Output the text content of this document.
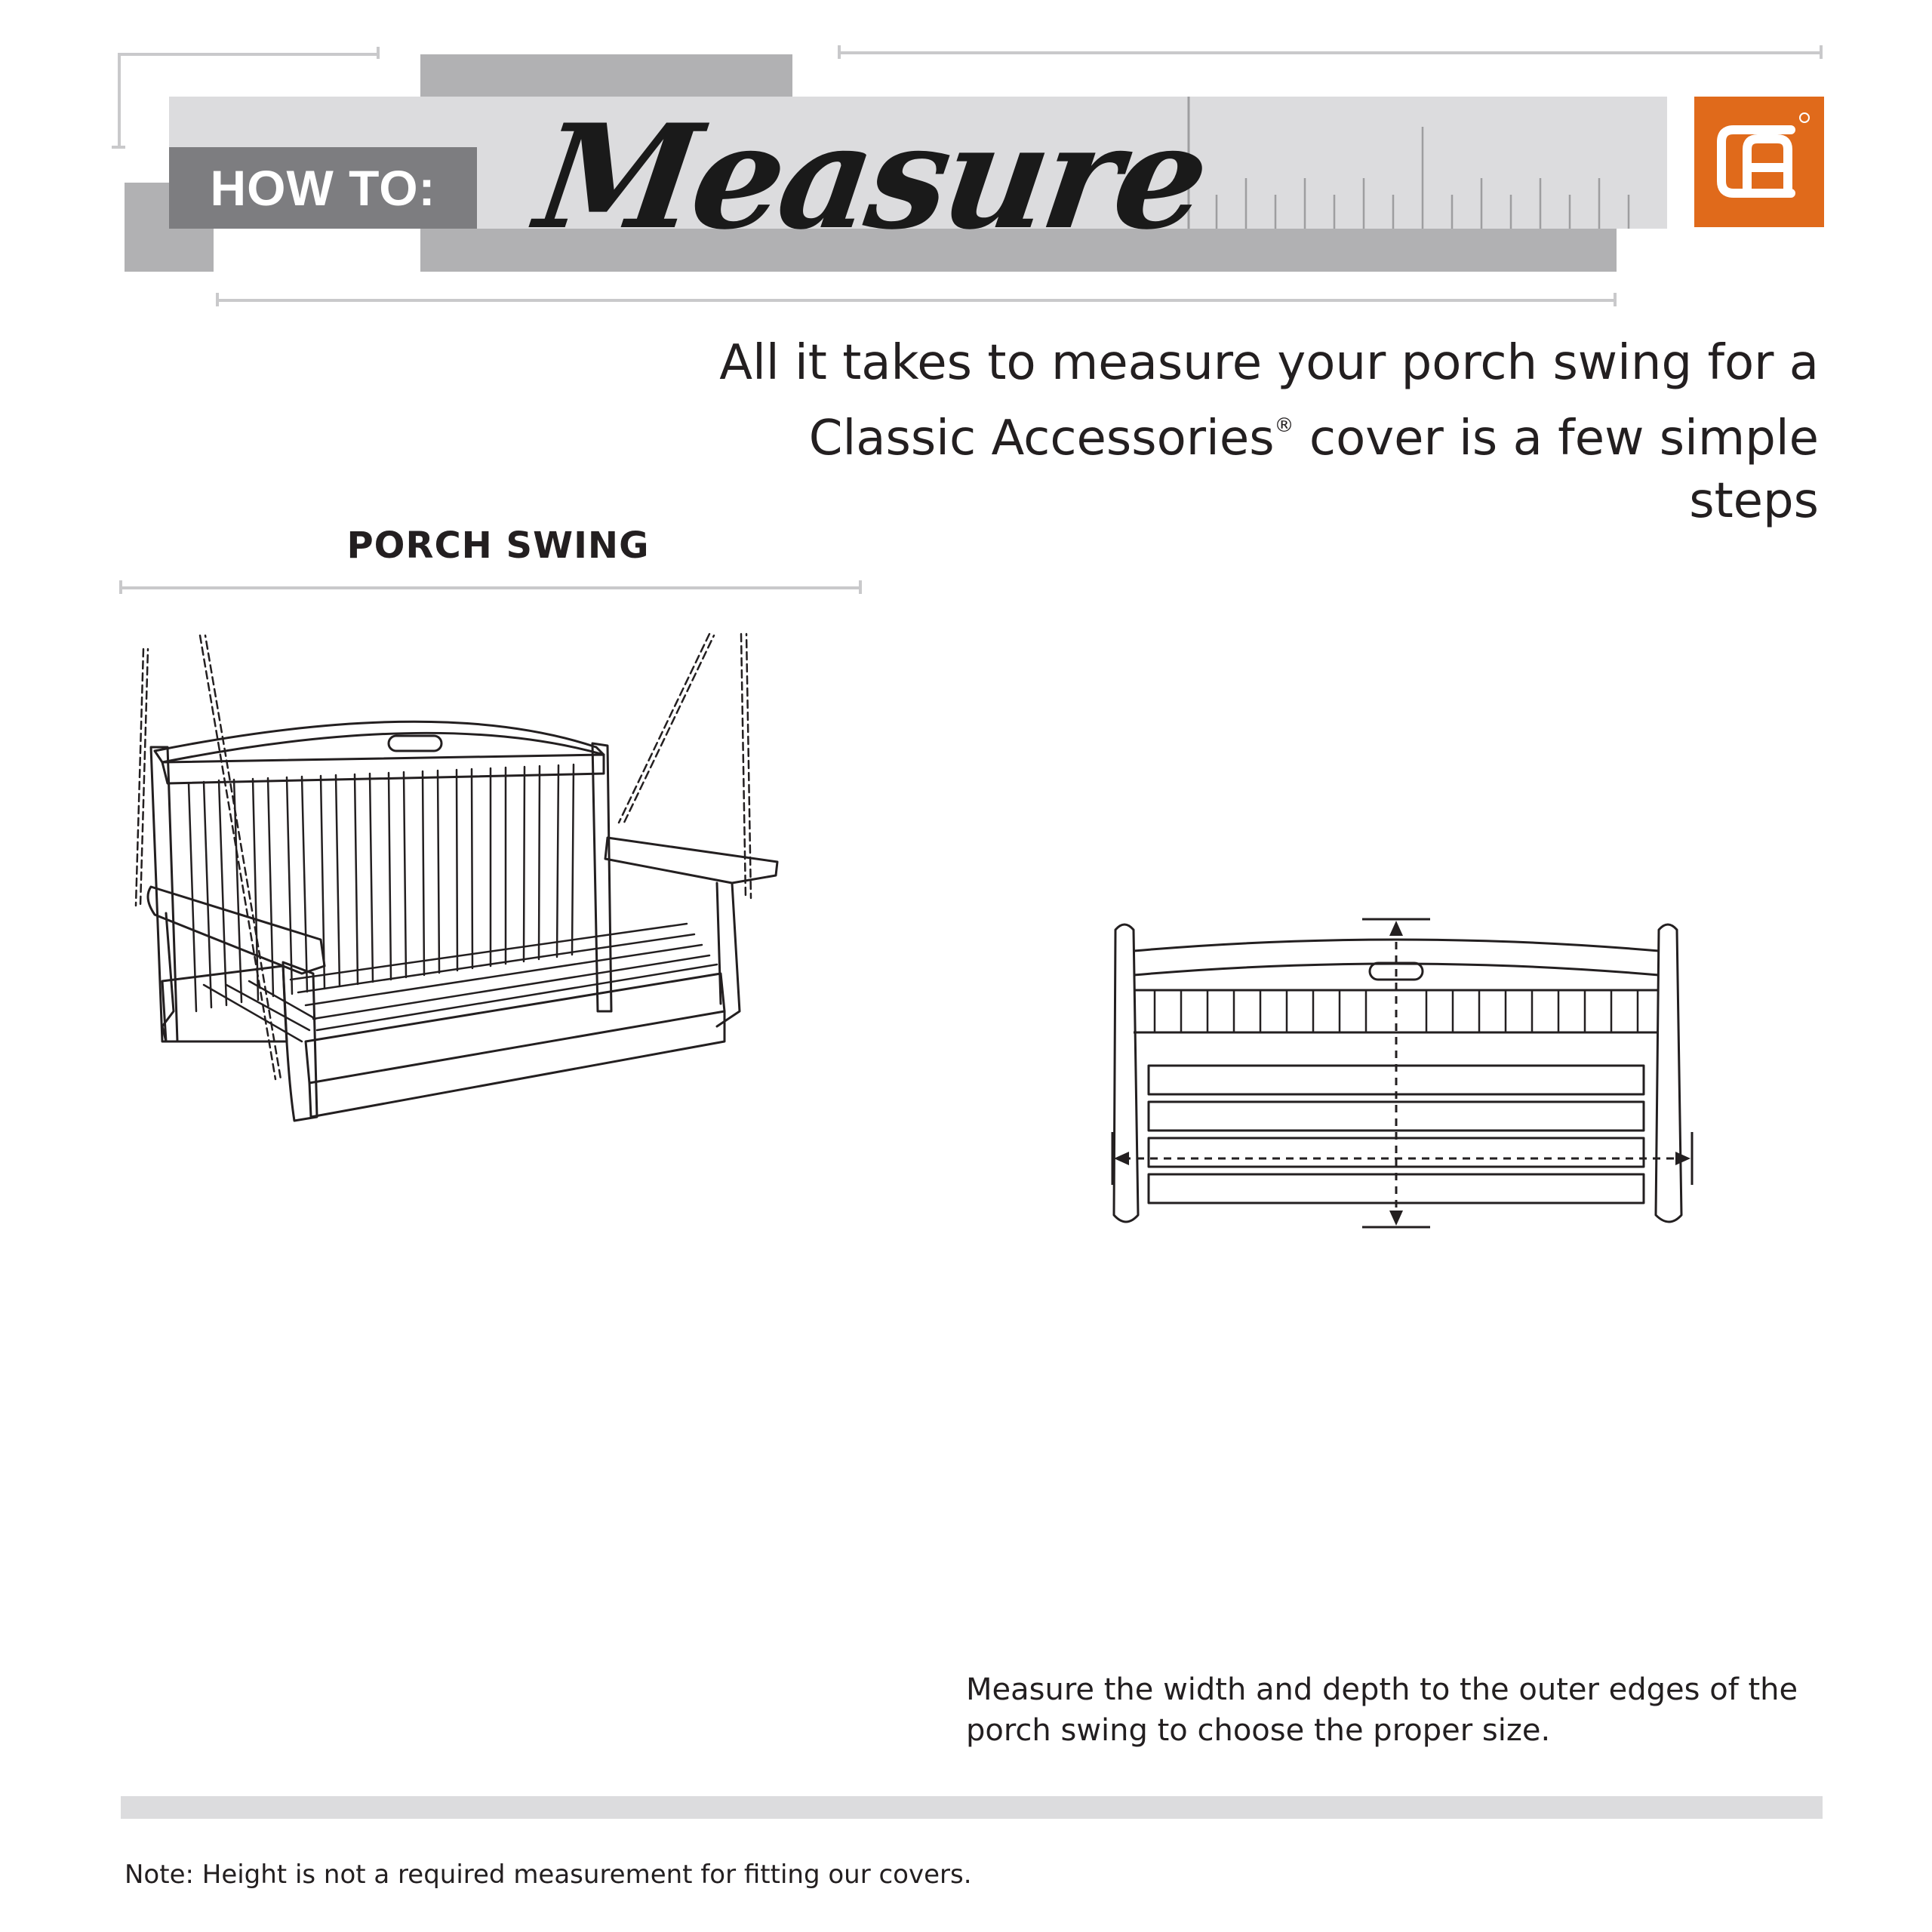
HOW TO: Measure
All it takes to measure your porch swing for a
Classic Accessories® cover is a few simple steps
PORCH SWING
Measure the width and depth to the outer edges of the porch swing to choose the proper size.
Note: Height is not a required measurement for fitting our covers.
